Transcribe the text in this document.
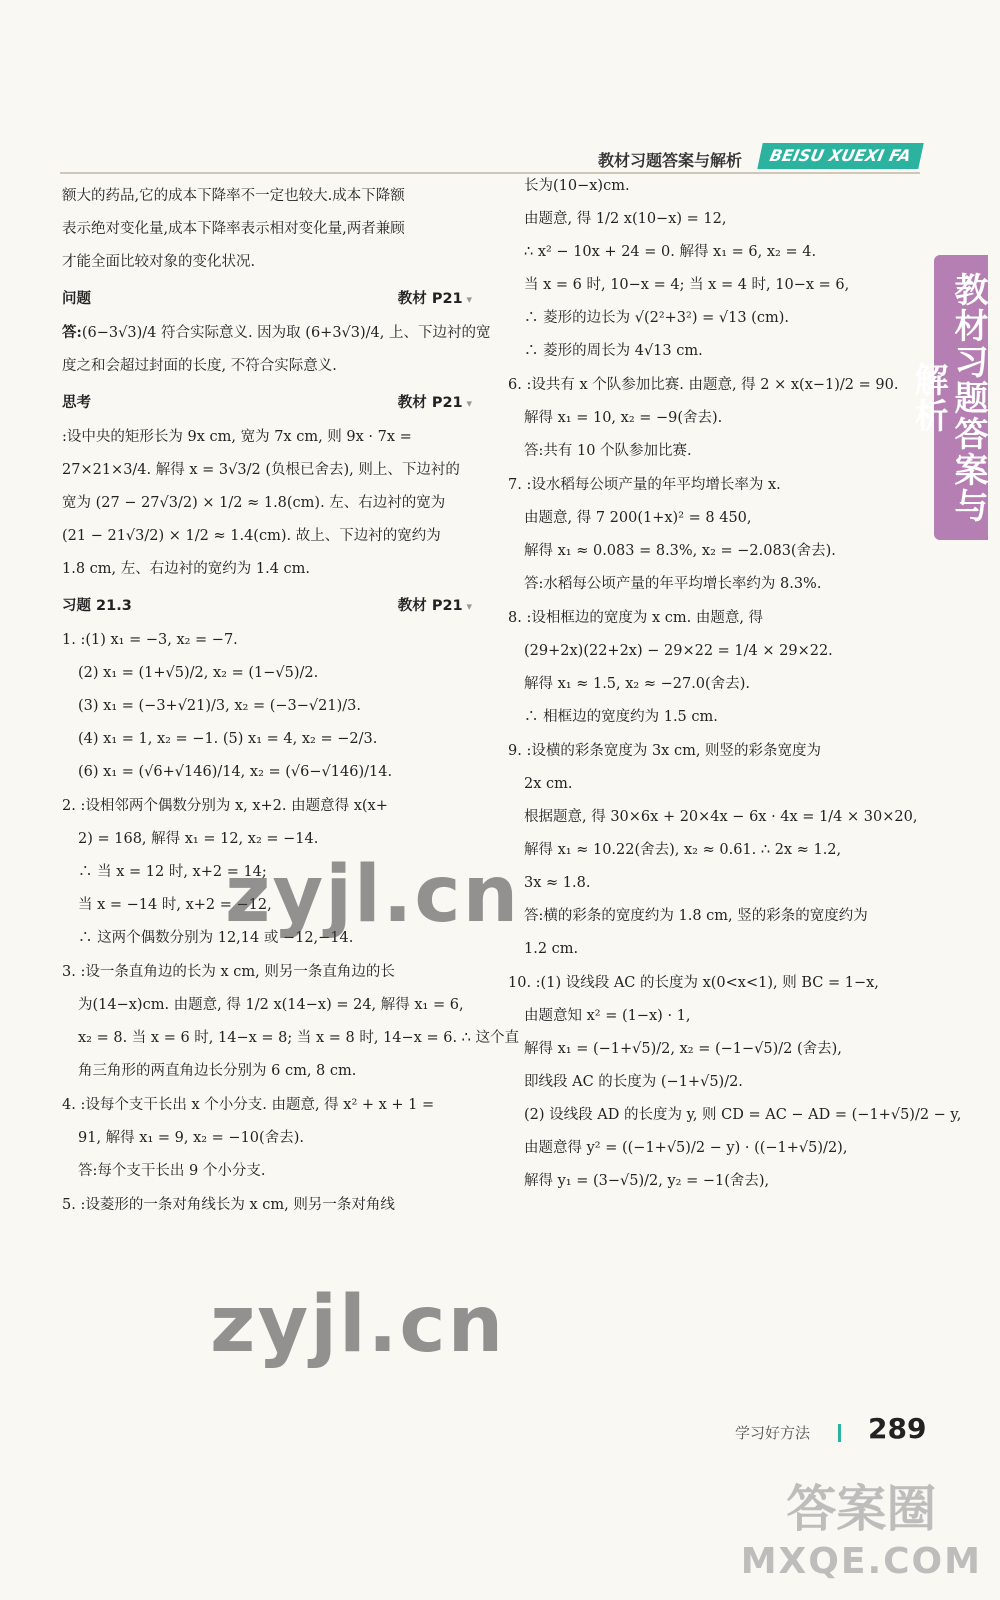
教材习题答案与解析	BEISU XUEXI FA
教材习题答案与解析
额大的药品,它的成本下降率不一定也较大.成本下降额
表示绝对变化量,成本下降率表示相对变化量,两者兼顾
才能全面比较对象的变化状况.
问题	教材 P21 ▾
答:(6−3√3)/4 符合实际意义. 因为取 (6+3√3)/4, 上、下边衬的宽
度之和会超过封面的长度, 不符合实际意义.
思考	教材 P21 ▾
:设中央的矩形长为 9x cm, 宽为 7x cm, 则 9x · 7x =
27×21×3/4. 解得 x = 3√3/2 (负根已舍去), 则上、下边衬的
宽为 (27 − 27√3/2) × 1/2 ≈ 1.8(cm). 左、右边衬的宽为
(21 − 21√3/2) × 1/2 ≈ 1.4(cm). 故上、下边衬的宽约为
1.8 cm, 左、右边衬的宽约为 1.4 cm.
习题 21.3	教材 P21 ▾
1. :(1) x₁ = −3, x₂ = −7.
(2) x₁ = (1+√5)/2, x₂ = (1−√5)/2.
(3) x₁ = (−3+√21)/3, x₂ = (−3−√21)/3.
(4) x₁ = 1, x₂ = −1. (5) x₁ = 4, x₂ = −2/3.
(6) x₁ = (√6+√146)/14, x₂ = (√6−√146)/14.
2. :设相邻两个偶数分别为 x, x+2. 由题意得 x(x+
2) = 168, 解得 x₁ = 12, x₂ = −14.
∴ 当 x = 12 时, x+2 = 14;
当 x = −14 时, x+2 = −12,
∴ 这两个偶数分别为 12,14 或 −12,−14.
3. :设一条直角边的长为 x cm, 则另一条直角边的长
为(14−x)cm. 由题意, 得 1/2 x(14−x) = 24, 解得 x₁ = 6,
x₂ = 8. 当 x = 6 时, 14−x = 8; 当 x = 8 时, 14−x = 6. ∴ 这个直
角三角形的两直角边长分别为 6 cm, 8 cm.
4. :设每个支干长出 x 个小分支. 由题意, 得 x² + x + 1 =
91, 解得 x₁ = 9, x₂ = −10(舍去).
答:每个支干长出 9 个小分支.
5. :设菱形的一条对角线长为 x cm, 则另一条对角线
长为(10−x)cm.
由题意, 得 1/2 x(10−x) = 12,
∴ x² − 10x + 24 = 0. 解得 x₁ = 6, x₂ = 4.
当 x = 6 时, 10−x = 4; 当 x = 4 时, 10−x = 6,
∴ 菱形的边长为 √(2²+3²) = √13 (cm).
∴ 菱形的周长为 4√13 cm.
6. :设共有 x 个队参加比赛. 由题意, 得 2 × x(x−1)/2 = 90.
解得 x₁ = 10, x₂ = −9(舍去).
答:共有 10 个队参加比赛.
7. :设水稻每公顷产量的年平均增长率为 x.
由题意, 得 7 200(1+x)² = 8 450,
解得 x₁ ≈ 0.083 = 8.3%, x₂ = −2.083(舍去).
答:水稻每公顷产量的年平均增长率约为 8.3%.
8. :设相框边的宽度为 x cm. 由题意, 得
(29+2x)(22+2x) − 29×22 = 1/4 × 29×22.
解得 x₁ ≈ 1.5, x₂ ≈ −27.0(舍去).
∴ 相框边的宽度约为 1.5 cm.
9. :设横的彩条宽度为 3x cm, 则竖的彩条宽度为
2x cm.
根据题意, 得 30×6x + 20×4x − 6x · 4x = 1/4 × 30×20,
解得 x₁ ≈ 10.22(舍去), x₂ ≈ 0.61. ∴ 2x ≈ 1.2,
3x ≈ 1.8.
答:横的彩条的宽度约为 1.8 cm, 竖的彩条的宽度约为
1.2 cm.
10. :(1) 设线段 AC 的长度为 x(0<x<1), 则 BC = 1−x,
由题意知 x² = (1−x) · 1,
解得 x₁ = (−1+√5)/2, x₂ = (−1−√5)/2 (舍去),
即线段 AC 的长度为 (−1+√5)/2.
(2) 设线段 AD 的长度为 y, 则 CD = AC − AD = (−1+√5)/2 − y,
由题意得 y² = ((−1+√5)/2 − y) · ((−1+√5)/2),
解得 y₁ = (3−√5)/2, y₂ = −1(舍去),
zyjl.cn
zyjl.cn
学习好方法 289
答案圈
MXQE.COM
